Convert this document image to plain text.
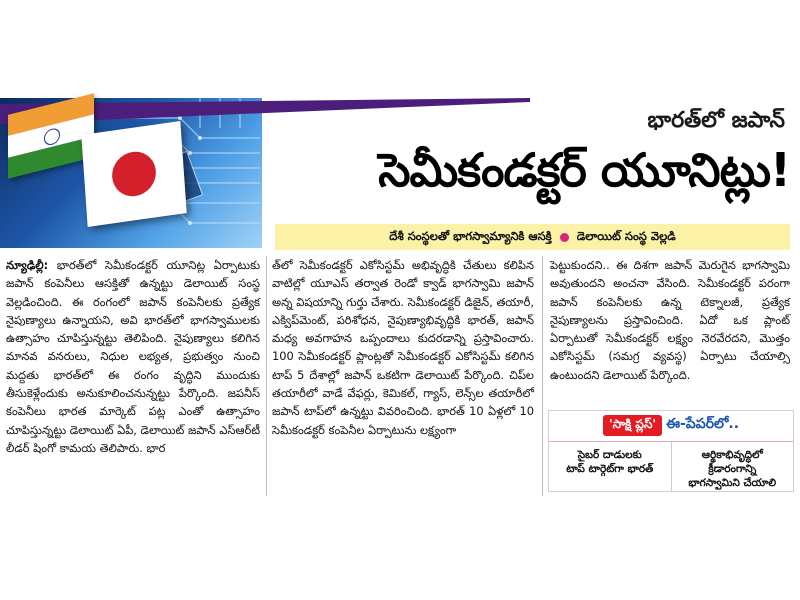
భారత్‌లో జపాన్
సెమీకండక్టర్ యూనిట్లు!
దేశీ సంస్థలతో భాగస్వామ్యానికి ఆసక్తి డెలాయిట్ సంస్థ వెల్లడి

న్యూఢిల్లీ: భారత్‌లో సెమీకండక్టర్ యూనిట్ల ఏర్పాటుకు జపాన్ కంపెనీలు ఆసక్తితో ఉన్నట్టు డెలాయిట్ సంస్థ వెల్లడించింది. ఈ రంగంలో జపాన్ కంపెనీలకు ప్రత్యేక నైపుణ్యాలు ఉన్నాయని, అవి భారత్‌లో భాగస్వాములకు ఉత్సాహం చూపిస్తున్నట్టు తెలిపింది. నైపుణ్యాలు కలిగిన మానవ వనరులు, నిధుల లభ్యత, ప్రభుత్వం నుంచి మద్దతు భారత్‌లో ఈ రంగం వృద్ధిని ముందుకు తీసుకెళ్లేందుకు అనుకూలించనున్నట్టు పేర్కొంది. జపనీస్ కంపెనీలు భారత మార్కెట్ పట్ల ఎంతో ఉత్సాహం చూపిస్తున్నట్టు డెలాయిట్ ఏపీ, డెలాయిట్ జపాన్ ఎస్ఆర్‌టీ లీడర్ షింగో కామయ తెలిపారు. భార

త్‌లో సెమీకండక్టర్ ఎకోసిస్టమ్ అభివృద్ధికి చేతులు కలిపిన వాటిల్లో యూఎస్ తర్వాత రెండో క్వాడ్ భాగస్వామి జపాన్ అన్న విషయాన్ని గుర్తు చేశారు. సెమీకండక్టర్ డిజైన్, తయారీ, ఎక్విప్‌మెంట్, పరిశోధన, నైపుణ్యాభివృద్ధికి భారత్, జపాన్ మధ్య అవగాహన ఒప్పందాలు కుదరడాన్ని ప్రస్తావించారు. 100 సెమీకండక్టర్ ప్లాంట్లతో సెమీకండక్టర్ ఎకోసిస్టమ్ కలిగిన టాప్ 5 దేశాల్లో జపాన్ ఒకటిగా డెలాయిట్ పేర్కొంది. చిప్‌ల తయారీలో వాడే వేఫర్లు, కెమికల్, గ్యాస్, లెన్స్‌ల తయారీలో జపాన్ టాప్‌లో ఉన్నట్టు వివరించింది. భారత్ 10 ఏళ్లలో 10 సెమీకండక్టర్ కంపెనీల ఏర్పాటును లక్ష్యంగా

పెట్టుకుందని.. ఈ దిశగా జపాన్ మెరుగైన భాగస్వామి అవుతుందని అంచనా వేసింది. సెమీకండక్టర్ పరంగా జపాన్ కంపెనీలకు ఉన్న టెక్నాలజీ, ప్రత్యేక నైపుణ్యాలను ప్రస్తావించింది. ఏదో ఒక ప్లాంట్ ఏర్పాటుతో సెమీకండక్టర్ లక్ష్యం నెరవేరదని, మొత్తం ఎకోసిస్టమ్ (సమగ్ర వ్యవస్థ) ఏర్పాటు చేయాల్సి ఉంటుందని డెలాయిట్ పేర్కొంది.

'సాక్షి ప్లస్' ఈ-పేపర్‌లో..
సైబర్ దాడులకు
టాప్ టార్గెట్‌గా భారత్
ఆర్థికాభివృద్ధిలో
క్రీడారంగాన్ని
భాగస్వామిని చేయాలి
